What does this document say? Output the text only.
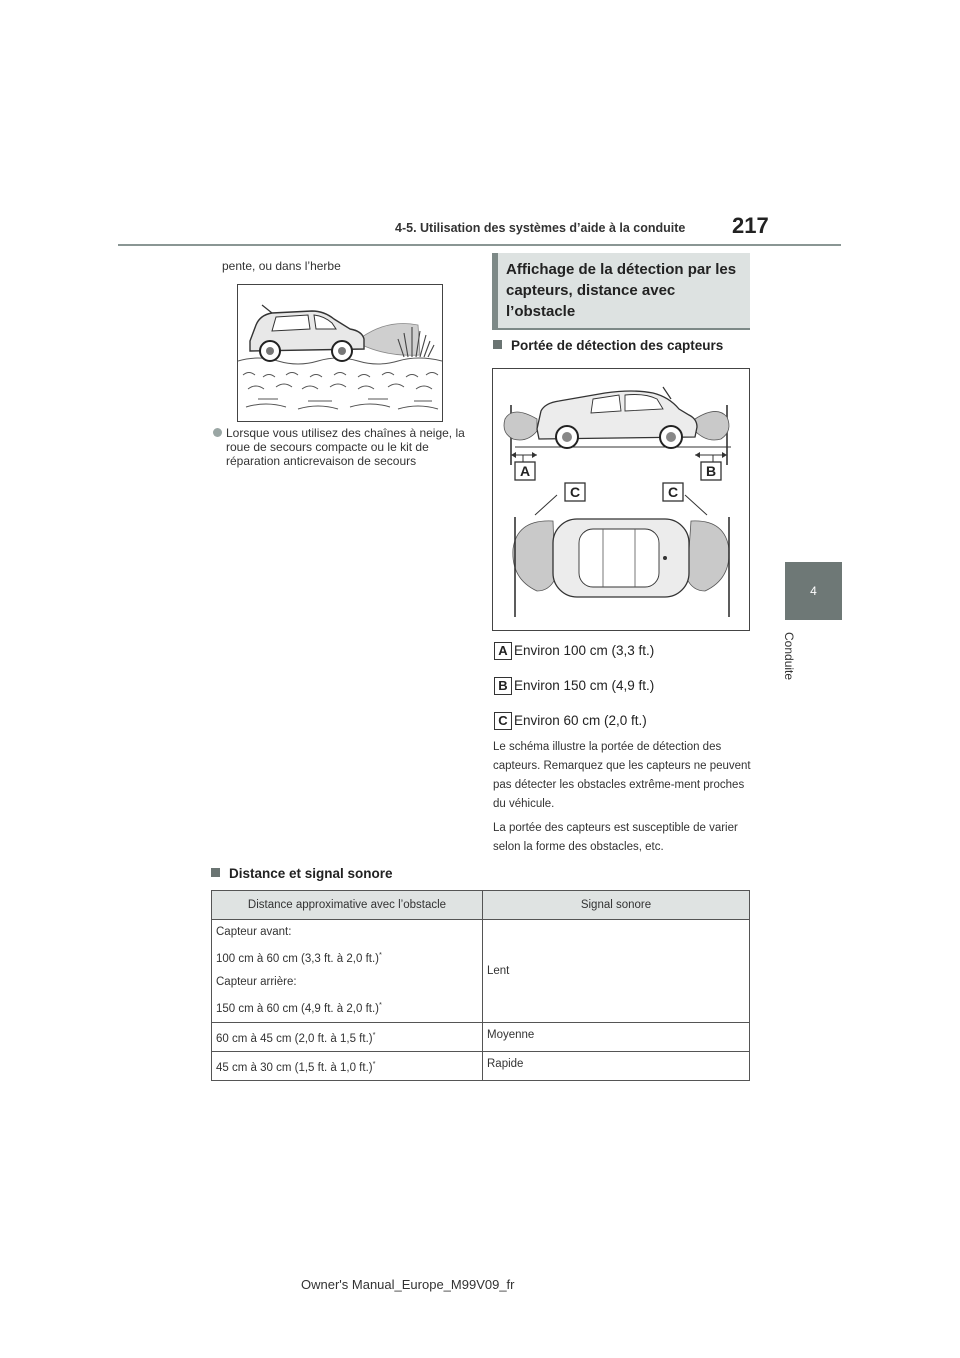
4-5. Utilisation des systèmes d’aide à la conduite 217
4
Conduite
pente, ou dans l’herbe
Lorsque vous utilisez des chaînes à neige, la roue de secours compacte ou le kit de réparation anticrevaison de secours
Affichage de la détection par les capteurs, distance avec l’obstacle
Portée de détection des capteurs
A	B
C	C
A Environ 100 cm (3,3 ft.)
B Environ 150 cm (4,9 ft.)
C Environ 60 cm (2,0 ft.)
Le schéma illustre la portée de détection des capteurs. Remarquez que les capteurs ne peuvent pas détecter les obstacles extrême-ment proches du véhicule.
La portée des capteurs est susceptible de varier selon la forme des obstacles, etc.
Distance et signal sonore
Distance approximative avec l’obstacle	Signal sonore

Capteur avant:

100 cm à 60 cm (3,3 ft. à 2,0 ft.)*

Capteur arrière:

150 cm à 60 cm (4,9 ft. à 2,0 ft.)*	Lent
60 cm à 45 cm (2,0 ft. à 1,5 ft.)*	Moyenne
45 cm à 30 cm (1,5 ft. à 1,0 ft.)*	Rapide
Owner's Manual_Europe_M99V09_fr
